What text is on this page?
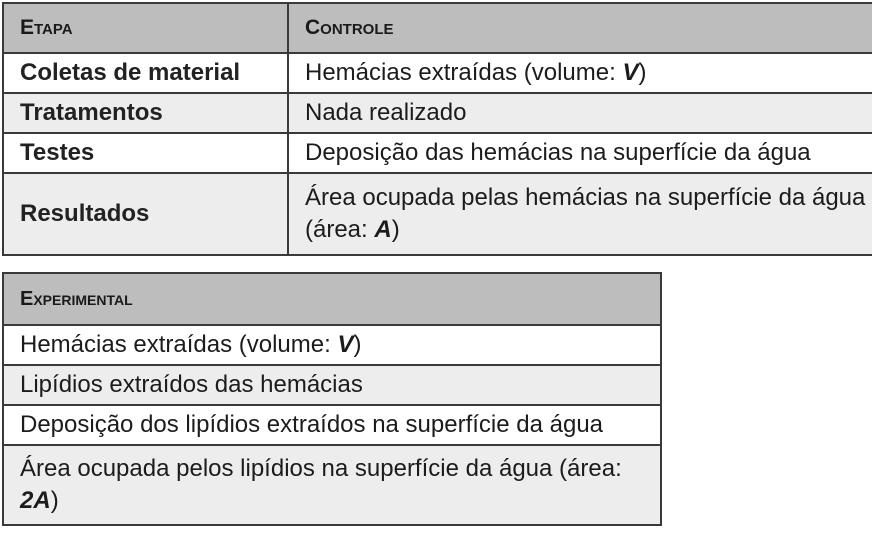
Etapa	Controle
Coletas de material	Hemácias extraídas (volume: V)
Tratamentos	Nada realizado
Testes	Deposição das hemácias na superfície da água
Resultados	Área ocupada pelas hemácias na superfície da água (área: A)
Experimental
Hemácias extraídas (volume: V)
Lipídios extraídos das hemácias
Deposição dos lipídios extraídos na superfície da água
Área ocupada pelos lipídios na superfície da água (área: 2A)
